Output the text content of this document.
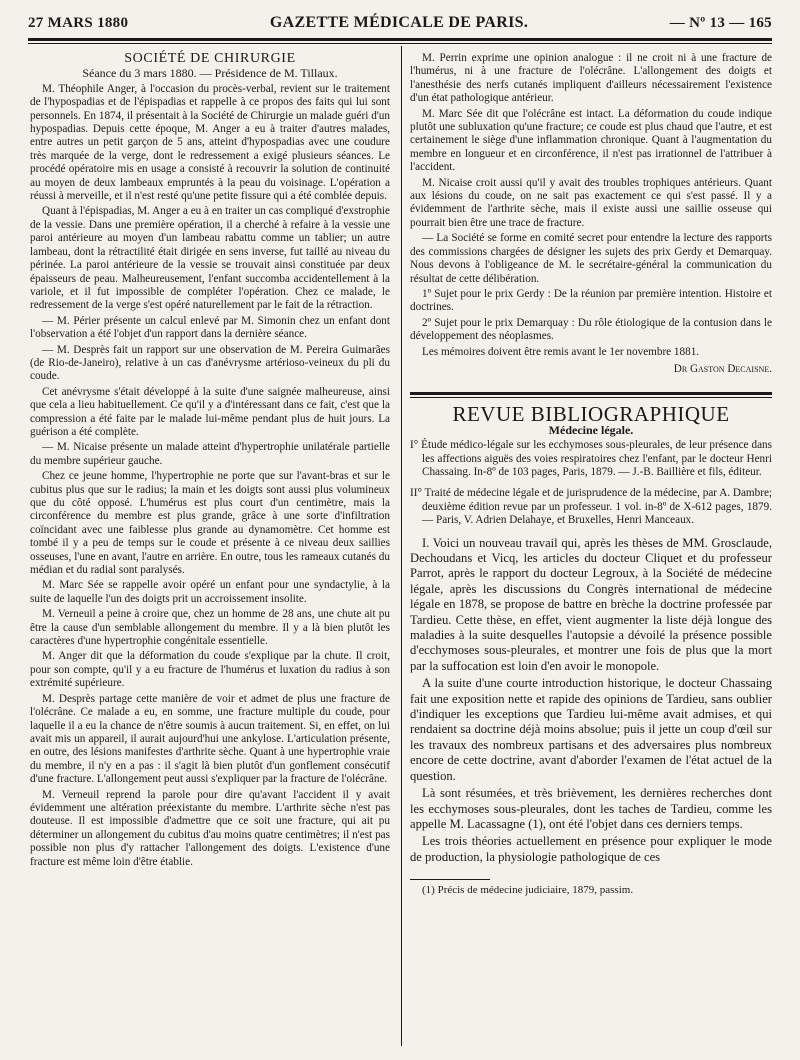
27 MARS 1880	GAZETTE MÉDICALE DE PARIS.	— Nº 13 — 165

SOCIÉTÉ DE CHIRURGIE

Séance du 3 mars 1880. — Présidence de M. Tillaux.

M. Théophile Anger, à l'occasion du procès-verbal, revient sur le traitement de l'hypospadias et de l'épispadias et rappelle à ce propos des faits qui lui sont personnels. En 1874, il présentait à la Société de Chirurgie un malade guéri d'un hypospadias. Depuis cette époque, M. Anger a eu à traiter d'autres malades, entre autres un petit garçon de 5 ans, atteint d'hypospadias avec une coudure très marquée de la verge, dont le redressement a exigé plusieurs séances. Le procédé opératoire mis en usage a consisté à recouvrir la solution de continuité au moyen de deux lambeaux empruntés à la peau du voisinage. L'opération a réussi à merveille, et il n'est resté qu'une petite fissure qui a été comblée depuis.

Quant à l'épispadias, M. Anger a eu à en traiter un cas compliqué d'exstrophie de la vessie. Dans une première opération, il a cherché à refaire à la vessie une paroi antérieure au moyen d'un lambeau rabattu comme un tablier; un autre lambeau, dont la rétractilité était dirigée en sens inverse, fut taillé au niveau du périnée. La paroi antérieure de la vessie se trouvait ainsi constituée par deux épaisseurs de peau. Malheureusement, l'enfant succomba accidentellement à la variole, et il fut impossible de compléter l'opération. Chez ce malade, le redressement de la verge s'est opéré naturellement par le fait de la rétraction.

— M. Périer présente un calcul enlevé par M. Simonin chez un enfant dont l'observation a été l'objet d'un rapport dans la dernière séance.

— M. Desprès fait un rapport sur une observation de M. Pereira Guimarães (de Rio-de-Janeiro), relative à un cas d'anévrysme artérioso-veineux du pli du coude.

Cet anévrysme s'était développé à la suite d'une saignée malheureuse, ainsi que cela a lieu habituellement. Ce qu'il y a d'intéressant dans ce fait, c'est que la compression a été faite par le malade lui-même pendant plus de huit jours. La guérison a été complète.

— M. Nicaise présente un malade atteint d'hypertrophie unilatérale partielle du membre supérieur gauche.

Chez ce jeune homme, l'hypertrophie ne porte que sur l'avant-bras et sur le cubitus plus que sur le radius; la main et les doigts sont aussi plus volumineux que du côté opposé. L'humérus est plus court d'un centimètre, mais la circonférence du membre est plus grande, grâce à une sorte d'infiltration coïncidant avec une faiblesse plus grande au dynamomètre. Cet homme est tombé il y a peu de temps sur le coude et présente à ce niveau deux saillies osseuses, l'une en avant, l'autre en arrière. En outre, tous les rameaux cutanés du médian et du radial sont paralysés.

M. Marc Sée se rappelle avoir opéré un enfant pour une syndactylie, à la suite de laquelle l'un des doigts prit un accroissement insolite.

M. Verneuil a peine à croire que, chez un homme de 28 ans, une chute ait pu être la cause d'un semblable allongement du membre. Il y a là bien plutôt les caractères d'une hypertrophie congénitale essentielle.

M. Anger dit que la déformation du coude s'explique par la chute. Il croit, pour son compte, qu'il y a eu fracture de l'humérus et luxation du radius à son extrémité supérieure.

M. Desprès partage cette manière de voir et admet de plus une fracture de l'olécrâne. Ce malade a eu, en somme, une fracture multiple du coude, pour laquelle il a eu la chance de n'être soumis à aucun traitement. Si, en effet, on lui avait mis un appareil, il aurait aujourd'hui une ankylose. L'articulation présente, en outre, des lésions manifestes d'arthrite sèche. Quant à une hypertrophie vraie du membre, il n'y en a pas : il s'agit là bien plutôt d'un gonflement consécutif d'une fracture. L'allongement peut aussi s'expliquer par la fracture de l'olécrâne.

M. Verneuil reprend la parole pour dire qu'avant l'accident il y avait évidemment une altération préexistante du membre. L'arthrite sèche n'est pas douteuse. Il est impossible d'admettre que ce soit une fracture, qui ait pu déterminer un allongement du cubitus d'au moins quatre centimètres; il n'est pas possible non plus d'y rattacher l'allongement des doigts. L'existence d'une fracture est même loin d'être établie.

M. Perrin exprime une opinion analogue : il ne croit ni à une fracture de l'humérus, ni à une fracture de l'olécrâne. L'allongement des doigts et l'anesthésie des nerfs cutanés impliquent d'ailleurs nécessairement l'existence d'un état pathologique antérieur.

M. Marc Sée dit que l'olécrâne est intact. La déformation du coude indique plutôt une subluxation qu'une fracture; ce coude est plus chaud que l'autre, et est certainement le siège d'une inflammation chronique. Quant à l'augmentation du membre en longueur et en circonférence, il n'est pas irrationnel de l'attribuer à l'accident.

M. Nicaise croit aussi qu'il y avait des troubles trophiques antérieurs. Quant aux lésions du coude, on ne sait pas exactement ce qui s'est passé. Il y a évidemment de l'arthrite sèche, mais il existe aussi une saillie osseuse qui pourrait bien être une trace de fracture.

— La Société se forme en comité secret pour entendre la lecture des rapports des commissions chargées de désigner les sujets des prix Gerdy et Demarquay. Nous devons à l'obligeance de M. le secrétaire-général la communication du résultat de cette délibération.

1º Sujet pour le prix Gerdy : De la réunion par première intention. Histoire et doctrines.

2º Sujet pour le prix Demarquay : Du rôle étiologique de la contusion dans le développement des néoplasmes.

Les mémoires doivent être remis avant le 1er novembre 1881.

Dr Gaston Decaisne.

REVUE BIBLIOGRAPHIQUE

Médecine légale.

I° Étude médico-légale sur les ecchymoses sous-pleurales, de leur présence dans les affections aiguës des voies respiratoires chez l'enfant, par le docteur Henri Chassaing. In-8º de 103 pages, Paris, 1879. — J.-B. Baillière et fils, éditeur.

II° Traité de médecine légale et de jurisprudence de la médecine, par A. Dambre; deuxième édition revue par un professeur. 1 vol. in-8º de X-612 pages, 1879. — Paris, V. Adrien Delahaye, et Bruxelles, Henri Manceaux.

I. Voici un nouveau travail qui, après les thèses de MM. Grosclaude, Dechoudans et Vicq, les articles du docteur Cliquet et du professeur Parrot, après le rapport du docteur Legroux, à la Société de médecine légale, après les discussions du Congrès international de médecine légale en 1878, se propose de battre en brèche la doctrine professée par Tardieu. Cette thèse, en effet, vient augmenter la liste déjà longue des maladies à la suite desquelles l'autopsie a dévoilé la présence possible d'ecchymoses sous-pleurales, et montrer une fois de plus que la mort par la suffocation est loin d'en avoir le monopole.

A la suite d'une courte introduction historique, le docteur Chassaing fait une exposition nette et rapide des opinions de Tardieu, sans oublier d'indiquer les exceptions que Tardieu lui-même avait admises, et qui rendaient sa doctrine déjà moins absolue; puis il jette un coup d'œil sur les travaux des nombreux partisans et des adversaires plus nombreux encore de cette doctrine, avant d'aborder l'examen de l'état actuel de la question.

Là sont résumées, et très brièvement, les dernières recherches dont les ecchymoses sous-pleurales, dont les taches de Tardieu, comme les appelle M. Lacassagne (1), ont été l'objet dans ces derniers temps.

Les trois théories actuellement en présence pour expliquer le mode de production, la physiologie pathologique de ces

(1) Précis de médecine judiciaire, 1879, passim.
